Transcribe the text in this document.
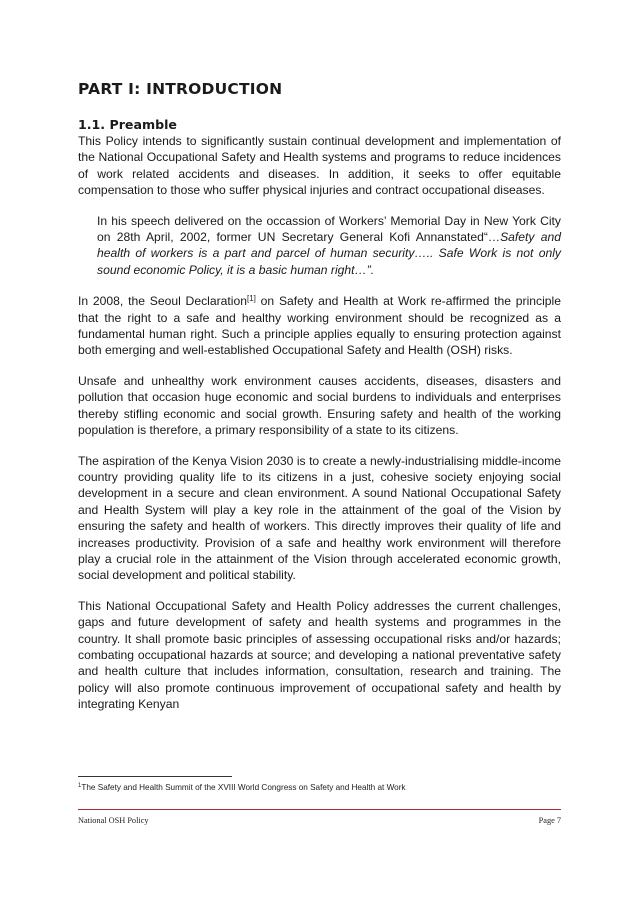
PART I: INTRODUCTION
1.1. Preamble

This Policy intends to significantly sustain continual development and implementation of the National Occupational Safety and Health systems and programs to reduce incidences of work related accidents and diseases. In addition, it seeks to offer equitable compensation to those who suffer physical injuries and contract occupational diseases.

In his speech delivered on the occassion of Workers’ Memorial Day in New York City on 28th April, 2002, former UN Secretary General Kofi Annanstated“…Safety and health of workers is a part and parcel of human security….. Safe Work is not only sound economic Policy, it is a basic human right…”.

In 2008, the Seoul Declaration[1] on Safety and Health at Work re-affirmed the principle that the right to a safe and healthy working environment should be recognized as a fundamental human right. Such a principle applies equally to ensuring protection against both emerging and well-established Occupational Safety and Health (OSH) risks.

Unsafe and unhealthy work environment causes accidents, diseases, disasters and pollution that occasion huge economic and social burdens to individuals and enterprises thereby stifling economic and social growth. Ensuring safety and health of the working population is therefore, a primary responsibility of a state to its citizens.

The aspiration of the Kenya Vision 2030 is to create a newly-industrialising middle-income country providing quality life to its citizens in a just, cohesive society enjoying social development in a secure and clean environment. A sound National Occupational Safety and Health System will play a key role in the attainment of the goal of the Vision by ensuring the safety and health of workers. This directly improves their quality of life and increases productivity. Provision of a safe and healthy work environment will therefore play a crucial role in the attainment of the Vision through accelerated economic growth, social development and political stability.

This National Occupational Safety and Health Policy addresses the current challenges, gaps and future development of safety and health systems and programmes in the country. It shall promote basic principles of assessing occupational risks and/or hazards; combating occupational hazards at source; and developing a national preventative safety and health culture that includes information, consultation, research and training. The policy will also promote continuous improvement of occupational safety and health by integrating Kenyan

$^1$The Safety and Health Summit of the XVIII World Congress on Safety and Health at Work
National OSH Policy	Page 7
